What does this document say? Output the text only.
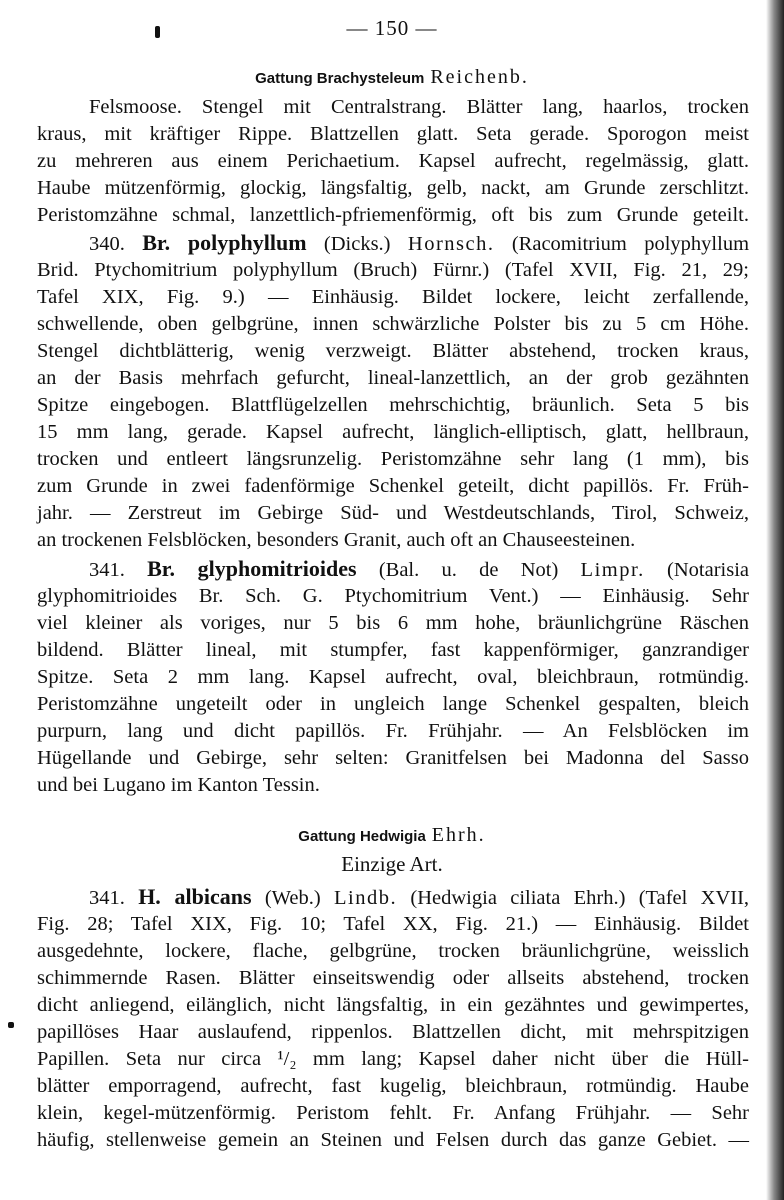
— 150 —
Gattung Brachysteleum Reichenb.

Felsmoose. Stengel mit Centralstrang. Blätter lang, haarlos, trocken

kraus, mit kräftiger Rippe. Blattzellen glatt. Seta gerade. Sporogon meist

zu mehreren aus einem Perichaetium. Kapsel aufrecht, regelmässig, glatt.

Haube mützenförmig, glockig, längsfaltig, gelb, nackt, am Grunde zerschlitzt.

Peristomzähne schmal, lanzettlich-pfriemenförmig, oft bis zum Grunde geteilt.

340. Br. polyphyllum (Dicks.) Hornsch. (Racomitrium polyphyllum

Brid. Ptychomitrium polyphyllum (Bruch) Fürnr.) (Tafel XVII, Fig. 21, 29;

Tafel XIX, Fig. 9.) — Einhäusig. Bildet lockere, leicht zerfallende,

schwellende, oben gelbgrüne, innen schwärzliche Polster bis zu 5 cm Höhe.

Stengel dichtblätterig, wenig verzweigt. Blätter abstehend, trocken kraus,

an der Basis mehrfach gefurcht, lineal-lanzettlich, an der grob gezähnten

Spitze eingebogen. Blattflügelzellen mehrschichtig, bräunlich. Seta 5 bis

15 mm lang, gerade. Kapsel aufrecht, länglich-elliptisch, glatt, hellbraun,

trocken und entleert längsrunzelig. Peristomzähne sehr lang (1 mm), bis

zum Grunde in zwei fadenförmige Schenkel geteilt, dicht papillös. Fr. Früh-

jahr. — Zerstreut im Gebirge Süd- und Westdeutschlands, Tirol, Schweiz,

an trockenen Felsblöcken, besonders Granit, auch oft an Chauseesteinen.

341. Br. glyphomitrioides (Bal. u. de Not) Limpr. (Notarisia

glyphomitrioides Br. Sch. G. Ptychomitrium Vent.) — Einhäusig. Sehr

viel kleiner als voriges, nur 5 bis 6 mm hohe, bräunlichgrüne Räschen

bildend. Blätter lineal, mit stumpfer, fast kappenförmiger, ganzrandiger

Spitze. Seta 2 mm lang. Kapsel aufrecht, oval, bleichbraun, rotmündig.

Peristomzähne ungeteilt oder in ungleich lange Schenkel gespalten, bleich

purpurn, lang und dicht papillös. Fr. Frühjahr. — An Felsblöcken im

Hügellande und Gebirge, sehr selten: Granitfelsen bei Madonna del Sasso

und bei Lugano im Kanton Tessin.

Gattung Hedwigia Ehrh.
Einzige Art.

341. H. albicans (Web.) Lindb. (Hedwigia ciliata Ehrh.) (Tafel XVII,

Fig. 28; Tafel XIX, Fig. 10; Tafel XX, Fig. 21.) — Einhäusig. Bildet

ausgedehnte, lockere, flache, gelbgrüne, trocken bräunlichgrüne, weisslich

schimmernde Rasen. Blätter einseitswendig oder allseits abstehend, trocken

dicht anliegend, eilänglich, nicht längsfaltig, in ein gezähntes und gewimpertes,

papillöses Haar auslaufend, rippenlos. Blattzellen dicht, mit mehrspitzigen

Papillen. Seta nur circa ¹/₂ mm lang; Kapsel daher nicht über die Hüll-

blätter emporragend, aufrecht, fast kugelig, bleichbraun, rotmündig. Haube

klein, kegel-mützenförmig. Peristom fehlt. Fr. Anfang Frühjahr. — Sehr

häufig, stellenweise gemein an Steinen und Felsen durch das ganze Gebiet. —
